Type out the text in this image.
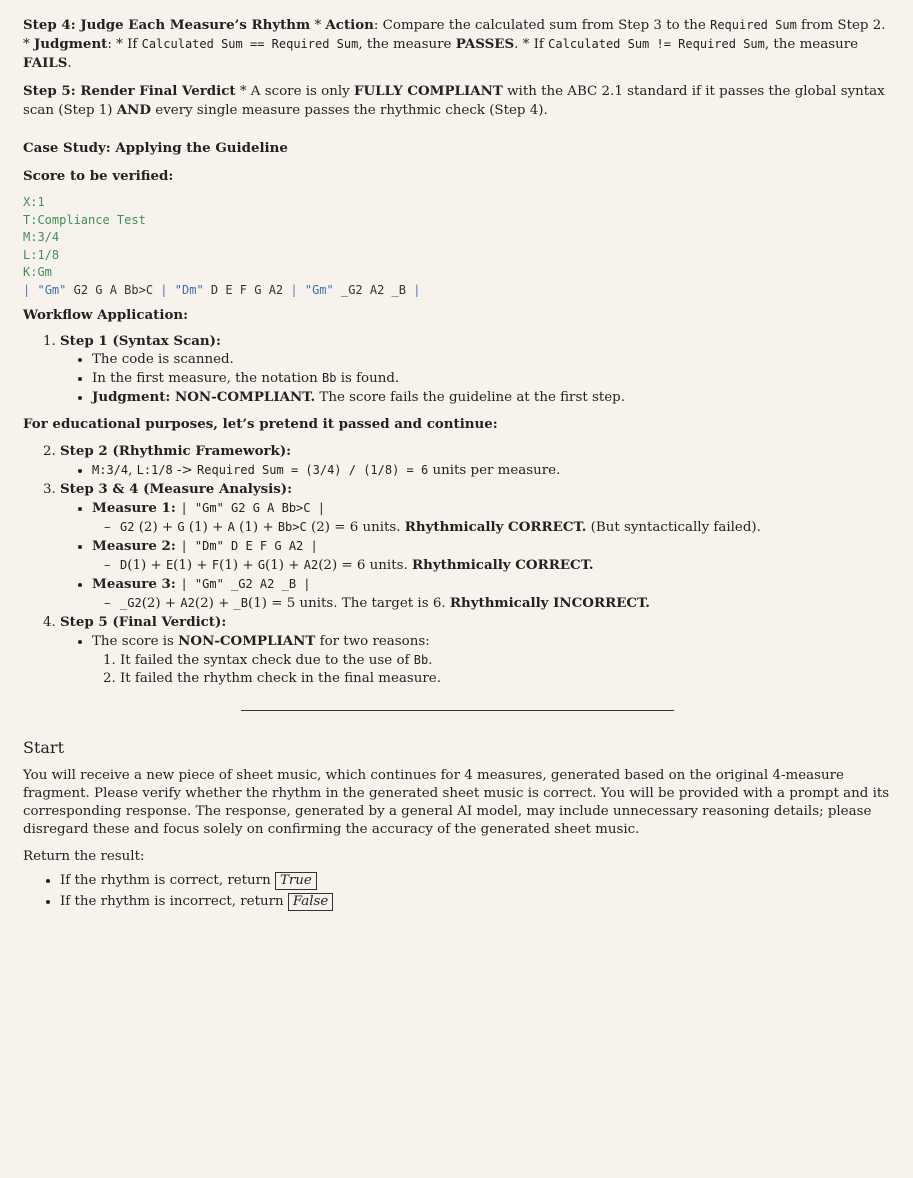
Step 4: Judge Each Measure’s Rhythm * Action: Compare the calculated sum from Step 3 to the Required Sum from Step 2. * Judgment: * If Calculated Sum == Required Sum, the measure PASSES. * If Calculated Sum != Required Sum, the measure FAILS.

Step 5: Render Final Verdict * A score is only FULLY COMPLIANT with the ABC 2.1 standard if it passes the global syntax scan (Step 1) AND every single measure passes the rhythmic check (Step 4).

Case Study: Applying the Guideline

Score to be verified:

X:1
T:Compliance Test
M:3/4
L:1/8
K:Gm
| "Gm" G2 G A Bb>C | "Dm" D E F G A2 | "Gm" _G2 A2 _B |

Workflow Application:

1. Step 1 (Syntax Scan):
• The code is scanned.
• In the first measure, the notation Bb is found.
• Judgment: NON-COMPLIANT. The score fails the guideline at the first step.

For educational purposes, let’s pretend it passed and continue:

2. Step 2 (Rhythmic Framework):
• M:3/4, L:1/8 -> Required Sum = (3/4) / (1/8) = 6 units per measure.
3. Step 3 & 4 (Measure Analysis):
• Measure 1: | "Gm" G2 G A Bb>C |
– G2 (2) + G (1) + A (1) + Bb>C (2) = 6 units. Rhythmically CORRECT. (But syntactically failed).
• Measure 2: | "Dm" D E F G A2 |
– D(1) + E(1) + F(1) + G(1) + A2(2) = 6 units. Rhythmically CORRECT.
• Measure 3: | "Gm" _G2 A2 _B |
– _G2(2) + A2(2) + _B(1) = 5 units. The target is 6. Rhythmically INCORRECT.
4. Step 5 (Final Verdict):
• The score is NON-COMPLIANT for two reasons:
1. It failed the syntax check due to the use of Bb.
2. It failed the rhythm check in the final measure.
Start

You will receive a new piece of sheet music, which continues for 4 measures, generated based on the original 4-measure fragment. Please verify whether the rhythm in the generated sheet music is correct. You will be provided with a prompt and its corresponding response. The response, generated by a general AI model, may include unnecessary reasoning details; please disregard these and focus solely on confirming the accuracy of the generated sheet music.

Return the result:

• If the rhythm is correct, return True
• If the rhythm is incorrect, return False
